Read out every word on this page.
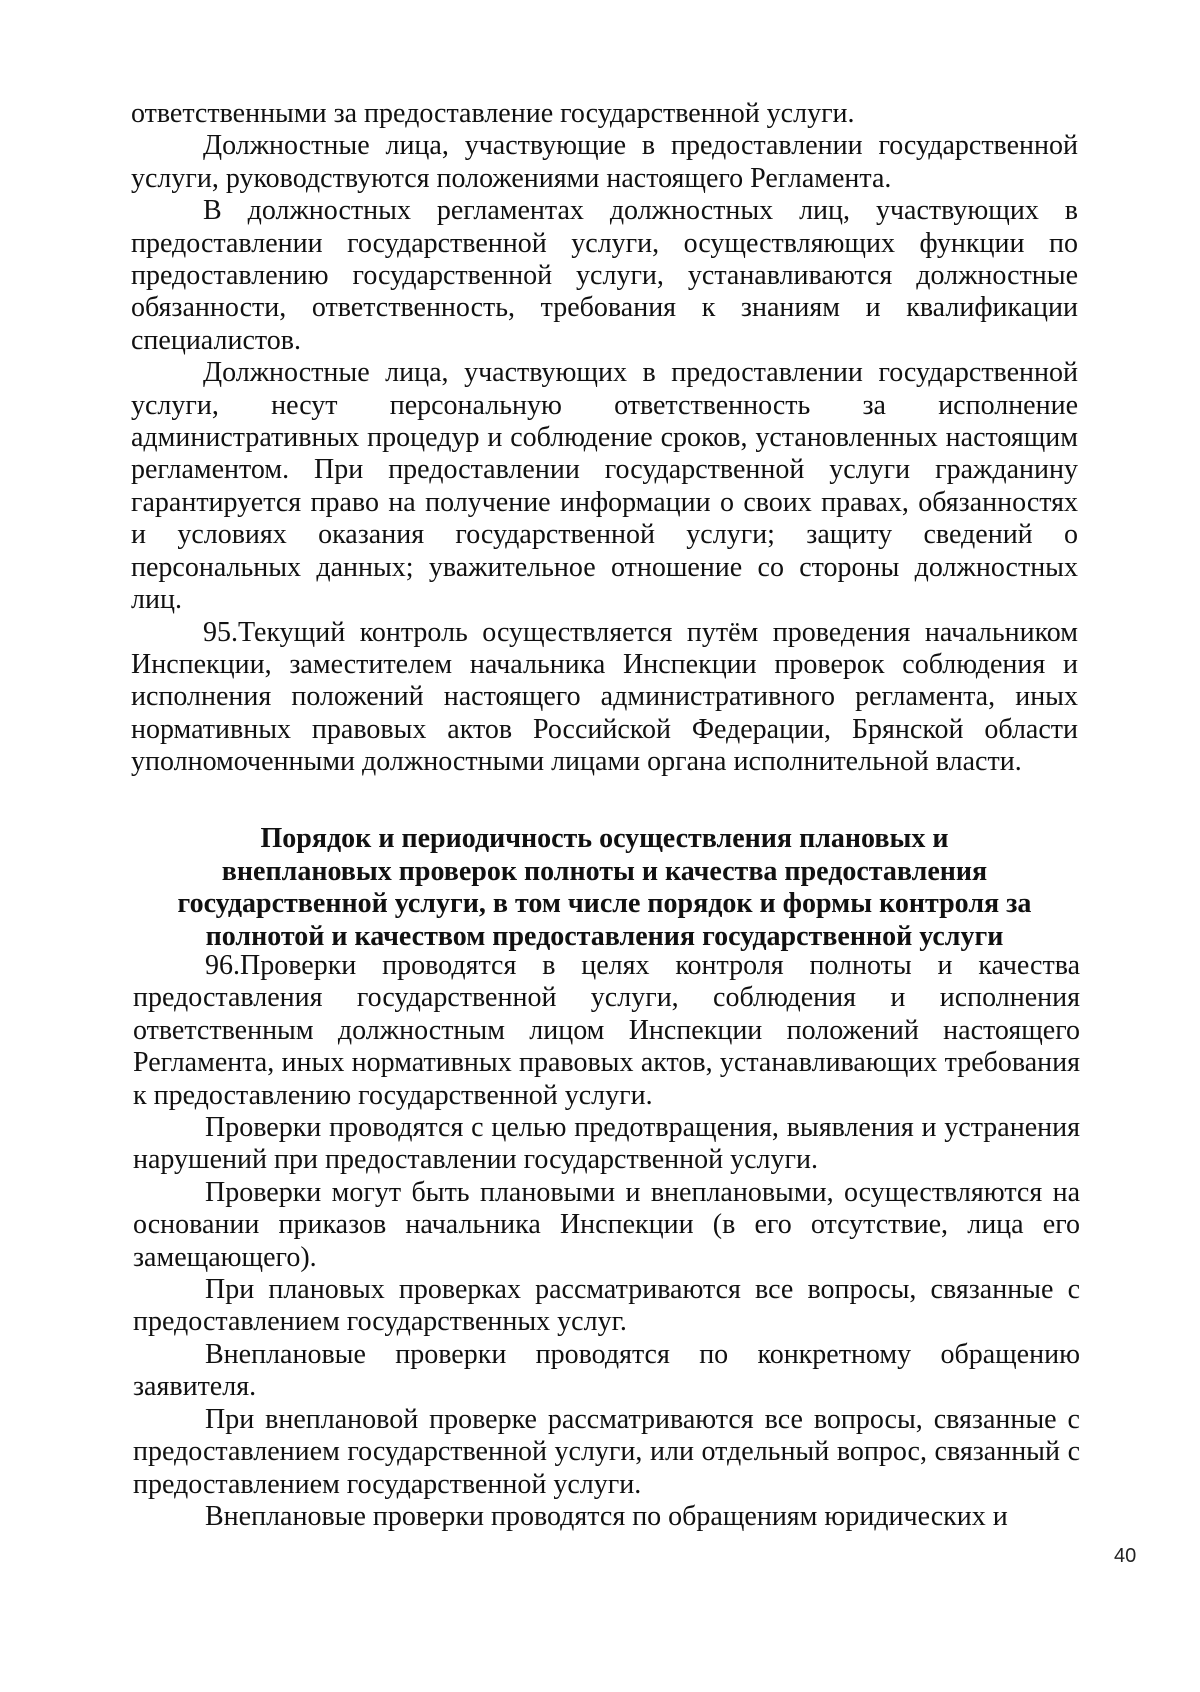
ответственными за предоставление государственной услуги.

Должностные лица, участвующие в предоставлении государственной услуги, руководствуются положениями настоящего Регламента.

В должностных регламентах должностных лиц, участвующих в предоставлении государственной услуги, осуществляющих функции по предоставлению государственной услуги, устанавливаются должностные обязанности, ответственность, требования к знаниям и квалификации специалистов.

Должностные лица, участвующих в предоставлении государственной услуги, несут персональную ответственность за исполнение административных процедур и соблюдение сроков, установленных настоящим регламентом. При предоставлении государственной услуги гражданину гарантируется право на получение информации о своих правах, обязанностях и условиях оказания государственной услуги; защиту сведений о персональных данных; уважительное отношение со стороны должностных лиц.

95.Текущий контроль осуществляется путём проведения начальником Инспекции, заместителем начальника Инспекции проверок соблюдения и исполнения положений настоящего административного регламента, иных нормативных правовых актов Российской Федерации, Брянской области уполномоченными должностными лицами органа исполнительной власти.

Порядок и периодичность осуществления плановых и
внеплановых проверок полноты и качества предоставления
государственной услуги, в том числе порядок и формы контроля за
полнотой и качеством предоставления государственной услуги

96.Проверки проводятся в целях контроля полноты и качества предоставления государственной услуги, соблюдения и исполнения ответственным должностным лицом Инспекции положений настоящего Регламента, иных нормативных правовых актов, устанавливающих требования к предоставлению государственной услуги.

Проверки проводятся с целью предотвращения, выявления и устранения нарушений при предоставлении государственной услуги.

Проверки могут быть плановыми и внеплановыми, осуществляются на основании приказов начальника Инспекции (в его отсутствие, лица его замещающего).

При плановых проверках рассматриваются все вопросы, связанные с предоставлением государственных услуг.

Внеплановые проверки проводятся по конкретному обращению заявителя.

При внеплановой проверке рассматриваются все вопросы, связанные с предоставлением государственной услуги, или отдельный вопрос, связанный с предоставлением государственной услуги.

Внеплановые проверки проводятся по обращениям юридических и

40
